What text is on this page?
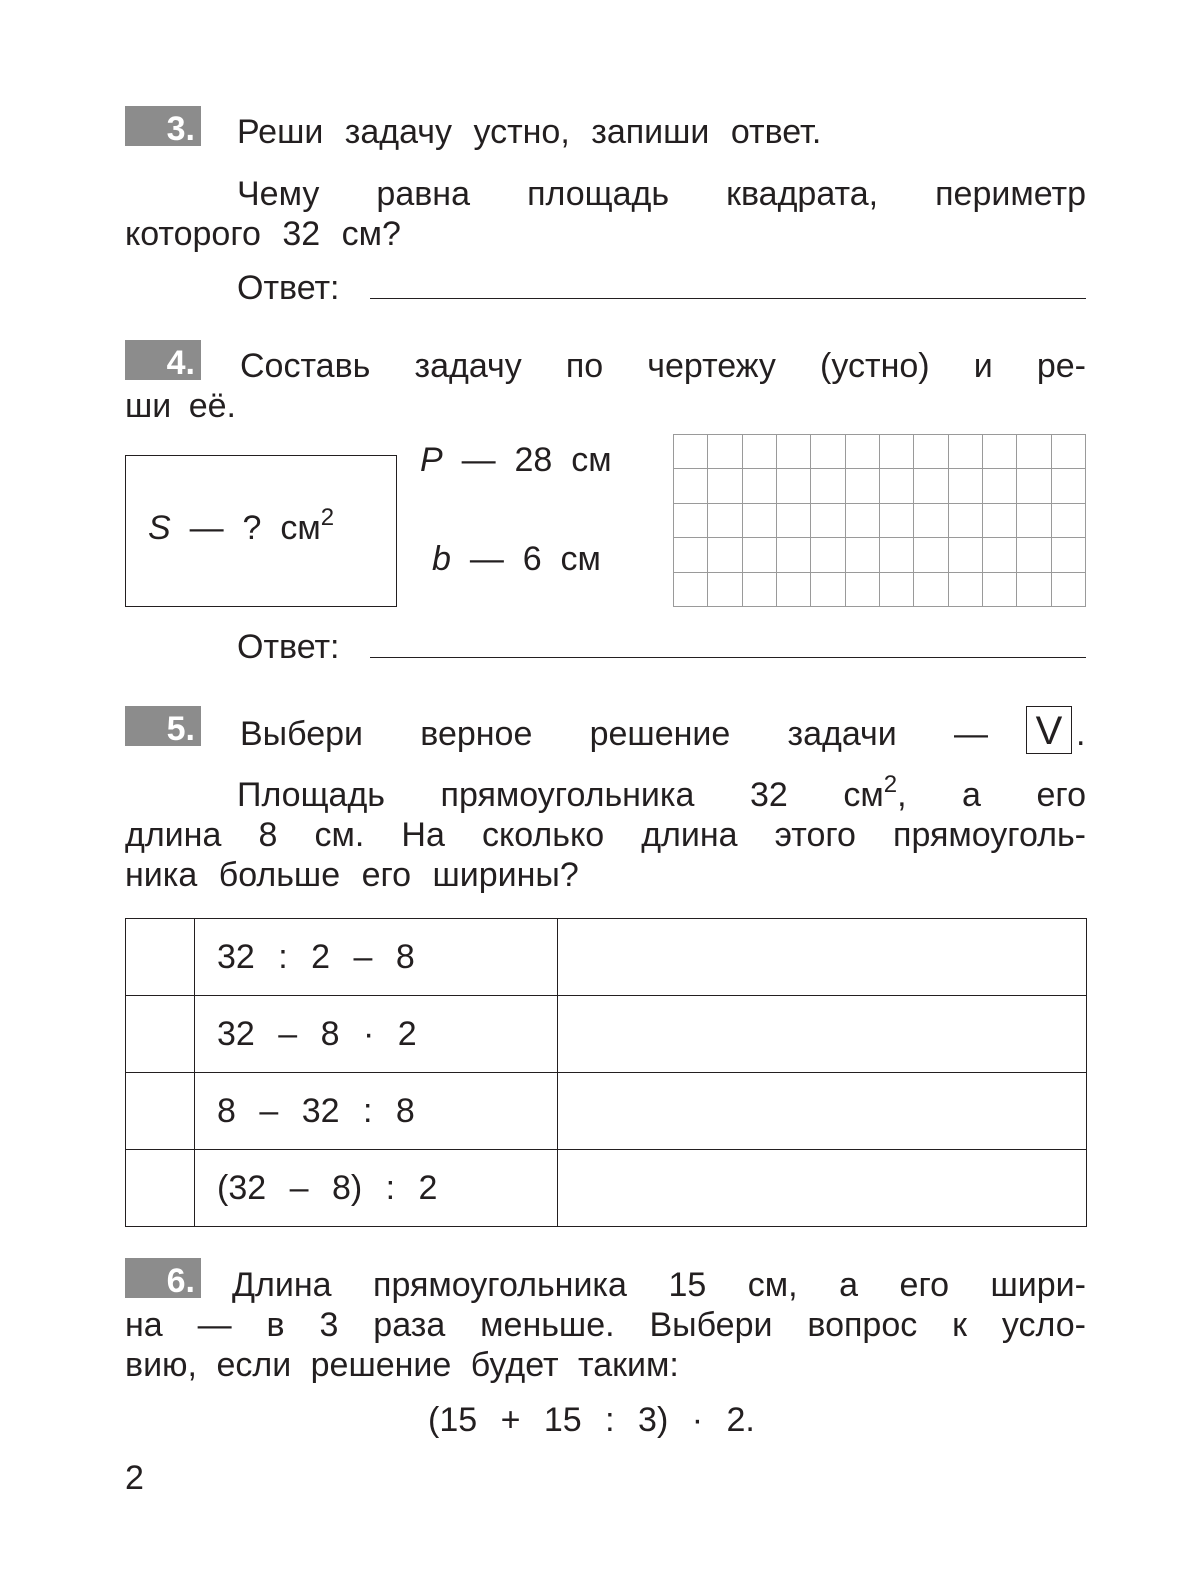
3. Реши задачу устно, запиши ответ.
Чему равна площадь квадрата, периметр
которого 32 см?
Ответ:
4. Составь задачу по чертежу (устно) и ре-
ши её.
S — ? $см^2$
P —  28  см
b —  6  см
Ответ:
5. Выбери верное решение задачи — V .
Площадь прямоугольника 32 $см^2$, а его
длина 8 см. На сколько длина этого прямоуголь-
ника больше его ширины?
	32 : 2 – 8	
	32 – 8 · 2	
	8 – 32 : 8	
	(32 – 8) : 2	
6. Длина прямоугольника 15 см, а его шири-
на — в 3 раза меньше. Выбери вопрос к усло-
вию, если решение будет таким:
(15 + 15 : 3) · 2.
2
